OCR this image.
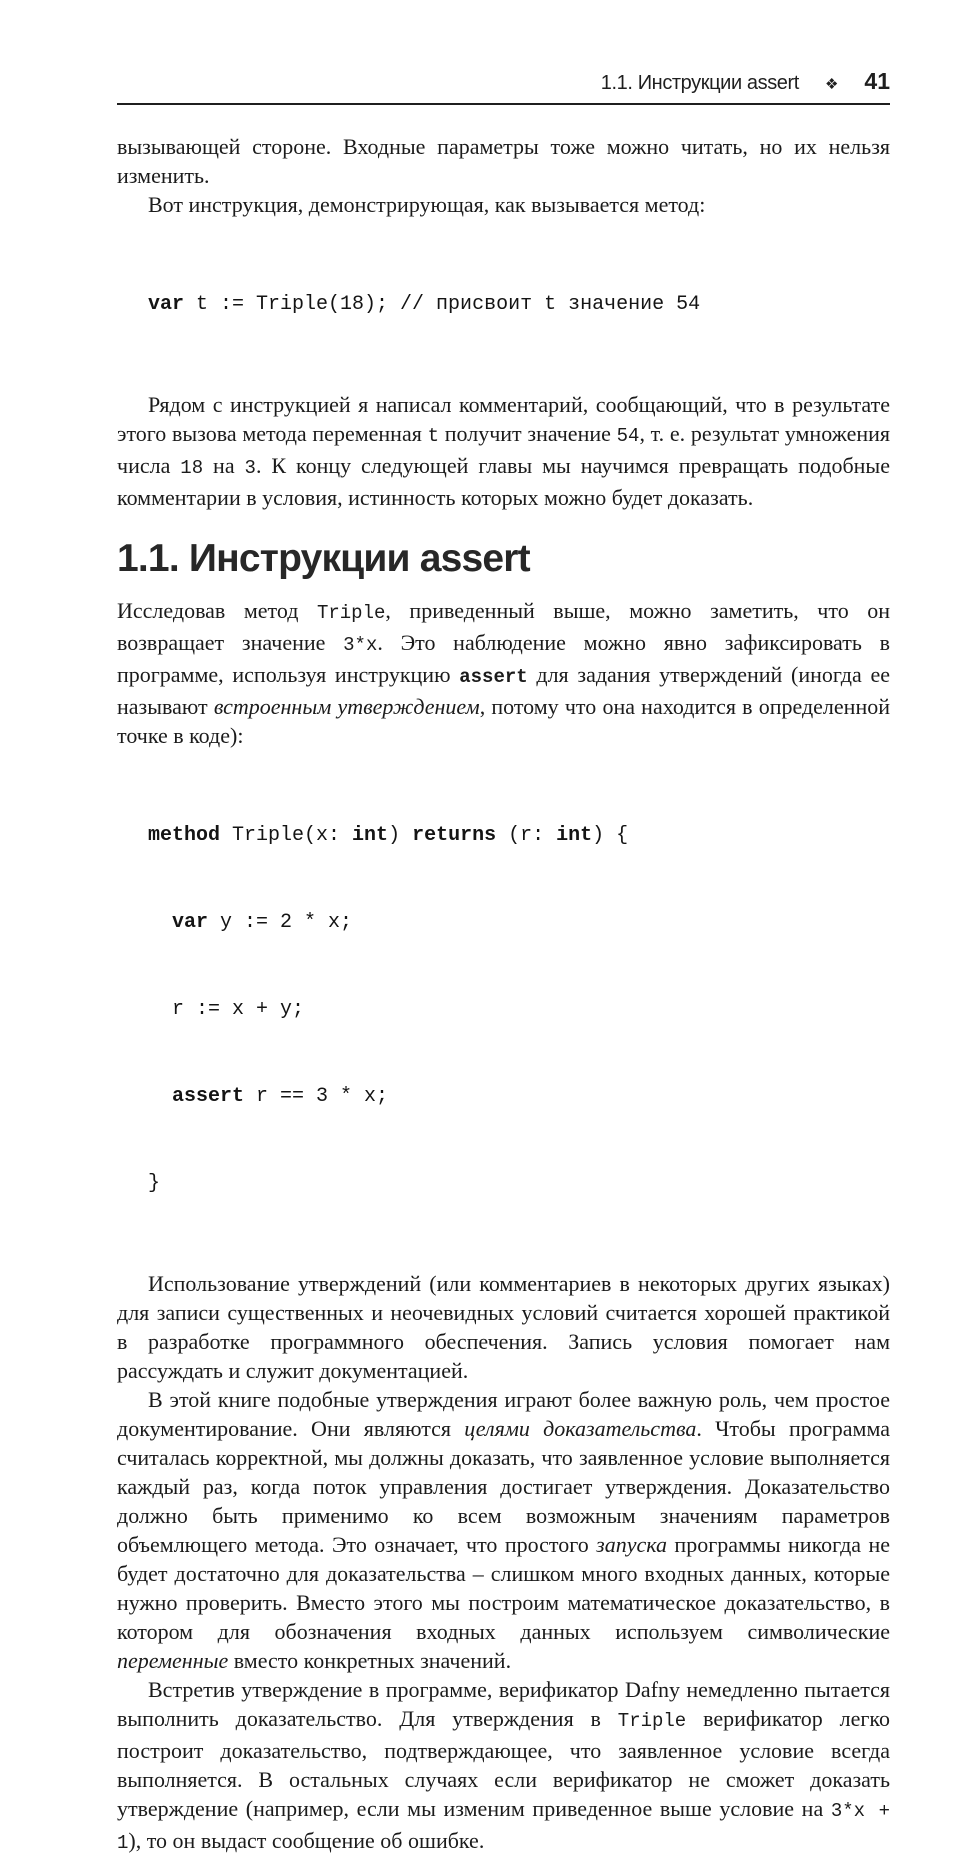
1.1. Инструкции assert ❖ 41

вызывающей стороне. Входные параметры тоже можно читать, но их нельзя изменить.

Вот инструкция, демонстрирующая, как вызывается метод:

var t := Triple(18); // присвоит t значение 54

Рядом с инструкцией я написал комментарий, сообщающий, что в результате этого вызова метода переменная t получит значение 54, т. е. результат умножения числа 18 на 3. К концу следующей главы мы научимся превращать подобные комментарии в условия, истинность которых можно будет доказать.

1.1. Инструкции assert

Исследовав метод Triple, приведенный выше, можно заметить, что он возвращает значение 3*x. Это наблюдение можно явно зафиксировать в программе, используя инструкцию assert для задания утверждений (иногда ее называют встроенным утверждением, потому что она находится в определенной точке в коде):

method Triple(x: int) returns (r: int) {

var y := 2 * x;

r := x + y;

assert r == 3 * x;

}

Использование утверждений (или комментариев в некоторых других языках) для записи существенных и неочевидных условий считается хорошей практикой в разработке программного обеспечения. Запись условия помогает нам рассуждать и служит документацией.

В этой книге подобные утверждения играют более важную роль, чем простое документирование. Они являются целями доказательства. Чтобы программа считалась корректной, мы должны доказать, что заявленное условие выполняется каждый раз, когда поток управления достигает утверждения. Доказательство должно быть применимо ко всем возможным значениям параметров объемлющего метода. Это означает, что простого запуска программы никогда не будет достаточно для доказательства – слишком много входных данных, которые нужно проверить. Вместо этого мы построим математическое доказательство, в котором для обозначения входных данных используем символические переменные вместо конкретных значений.

Встретив утверждение в программе, верификатор Dafny немедленно пытается выполнить доказательство. Для утверждения в Triple верификатор легко построит доказательство, подтверждающее, что заявленное условие всегда выполняется. В остальных случаях если верификатор не сможет доказать утверждение (например, если мы изменим приведенное выше условие на 3*x + 1), то он выдаст сообщение об ошибке.
